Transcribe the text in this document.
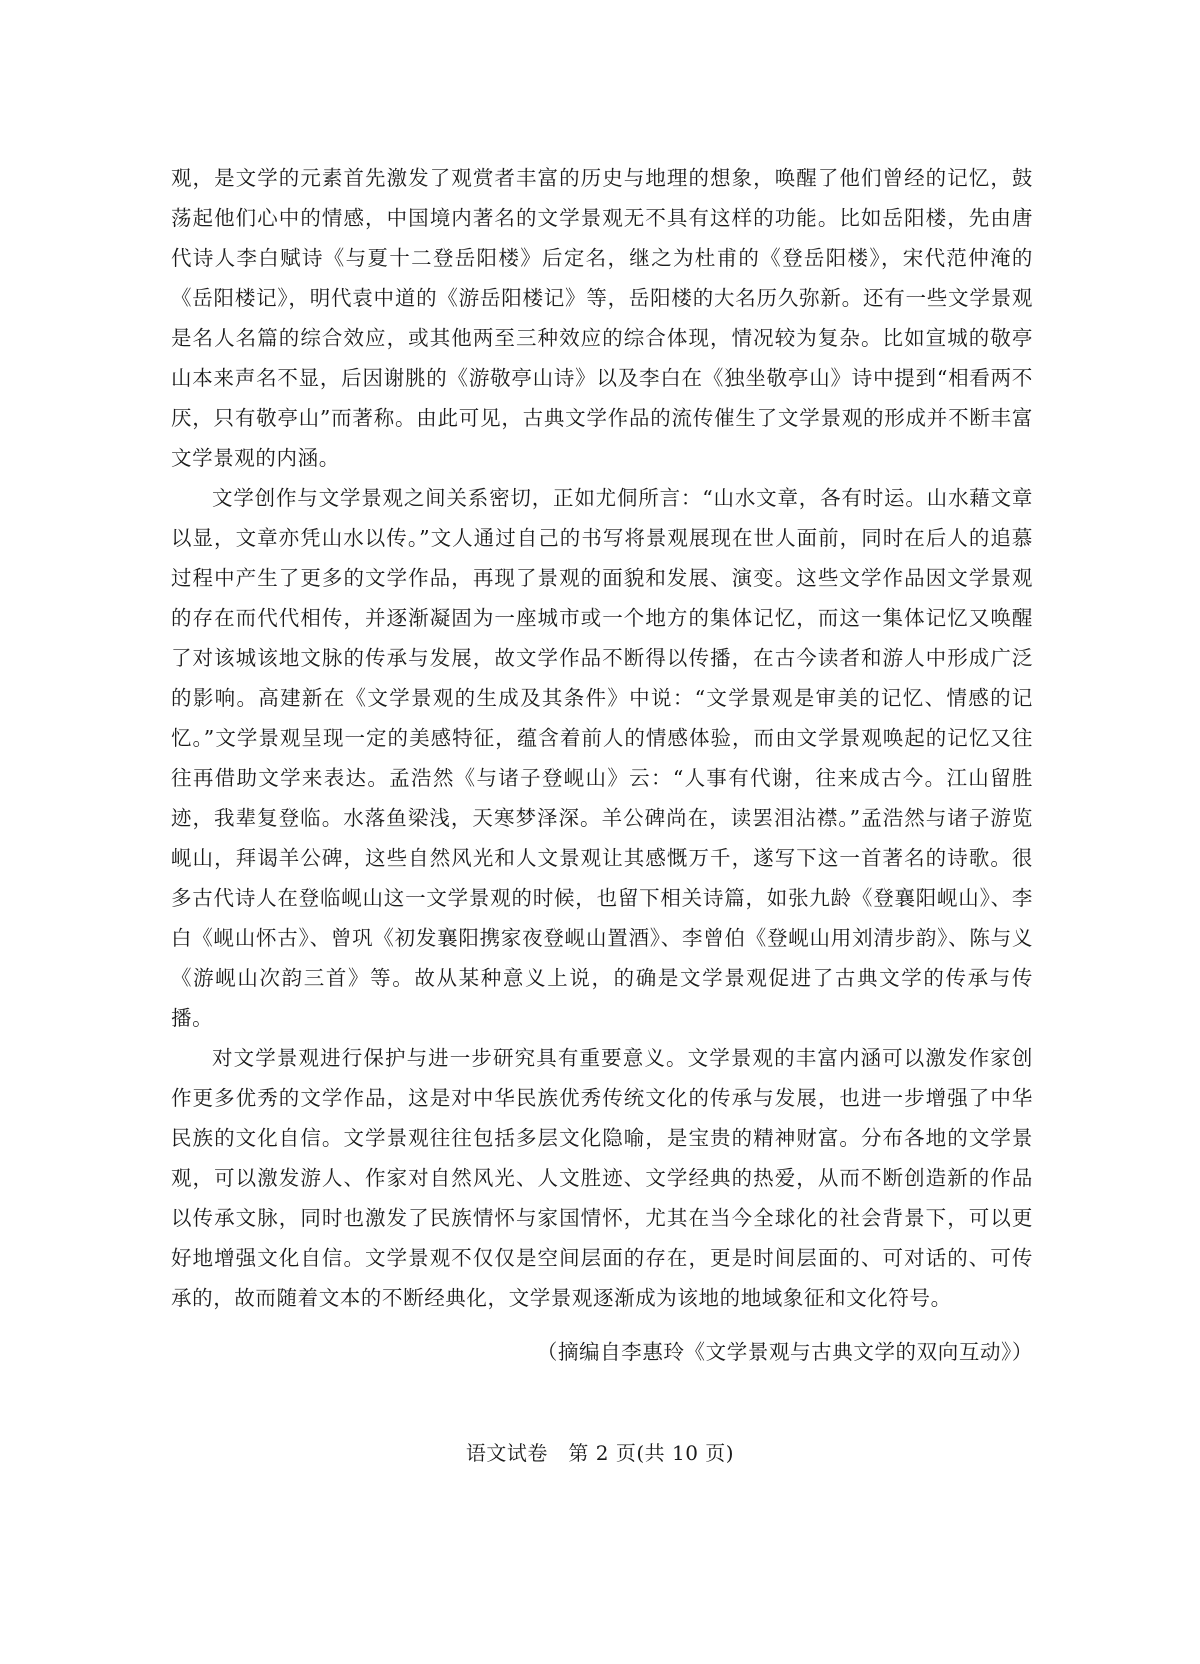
观，是文学的元素首先激发了观赏者丰富的历史与地理的想象，唤醒了他们曾经的记忆，鼓荡起他们心中的情感，中国境内著名的文学景观无不具有这样的功能。比如岳阳楼，先由唐代诗人李白赋诗《与夏十二登岳阳楼》后定名，继之为杜甫的《登岳阳楼》，宋代范仲淹的《岳阳楼记》，明代袁中道的《游岳阳楼记》等，岳阳楼的大名历久弥新。还有一些文学景观是名人名篇的综合效应，或其他两至三种效应的综合体现，情况较为复杂。比如宣城的敬亭山本来声名不显，后因谢朓的《游敬亭山诗》以及李白在《独坐敬亭山》诗中提到“相看两不厌，只有敬亭山”而著称。由此可见，古典文学作品的流传催生了文学景观的形成并不断丰富文学景观的内涵。

文学创作与文学景观之间关系密切，正如尤侗所言：“山水文章，各有时运。山水藉文章以显，文章亦凭山水以传。”文人通过自己的书写将景观展现在世人面前，同时在后人的追慕过程中产生了更多的文学作品，再现了景观的面貌和发展、演变。这些文学作品因文学景观的存在而代代相传，并逐渐凝固为一座城市或一个地方的集体记忆，而这一集体记忆又唤醒了对该城该地文脉的传承与发展，故文学作品不断得以传播，在古今读者和游人中形成广泛的影响。高建新在《文学景观的生成及其条件》中说：“文学景观是审美的记忆、情感的记忆。”文学景观呈现一定的美感特征，蕴含着前人的情感体验，而由文学景观唤起的记忆又往往再借助文学来表达。孟浩然《与诸子登岘山》云：“人事有代谢，往来成古今。江山留胜迹，我辈复登临。水落鱼梁浅，天寒梦泽深。羊公碑尚在，读罢泪沾襟。”孟浩然与诸子游览岘山，拜谒羊公碑，这些自然风光和人文景观让其感慨万千，遂写下这一首著名的诗歌。很多古代诗人在登临岘山这一文学景观的时候，也留下相关诗篇，如张九龄《登襄阳岘山》、李白《岘山怀古》、曾巩《初发襄阳携家夜登岘山置酒》、李曾伯《登岘山用刘清步韵》、陈与义《游岘山次韵三首》等。故从某种意义上说，的确是文学景观促进了古典文学的传承与传播。

对文学景观进行保护与进一步研究具有重要意义。文学景观的丰富内涵可以激发作家创作更多优秀的文学作品，这是对中华民族优秀传统文化的传承与发展，也进一步增强了中华民族的文化自信。文学景观往往包括多层文化隐喻，是宝贵的精神财富。分布各地的文学景观，可以激发游人、作家对自然风光、人文胜迹、文学经典的热爱，从而不断创造新的作品以传承文脉，同时也激发了民族情怀与家国情怀，尤其在当今全球化的社会背景下，可以更好地增强文化自信。文学景观不仅仅是空间层面的存在，更是时间层面的、可对话的、可传承的，故而随着文本的不断经典化，文学景观逐渐成为该地的地域象征和文化符号。

（摘编自李惠玲《文学景观与古典文学的双向互动》）

语文试卷　第 2 页(共 10 页)
